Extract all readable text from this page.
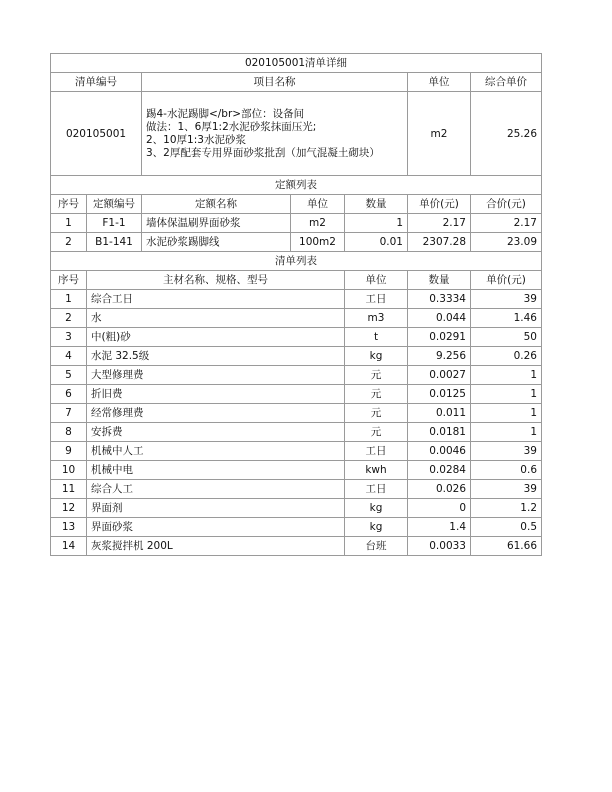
020105001清单详细							
清单编号		项目名称			单位	综合单价	
020105001		踢4-水泥踢脚</br>部位：设备间
做法：1、6厚1:2水泥砂浆抹面压光;
2、10厚1:3水泥砂浆
3、2厚配套专用界面砂浆批刮（加气混凝土砌块）			m2	25.26	
定额列表							
序号	定额编号	定额名称	单位	数量	单价(元)	合价(元)	
1	F1-1	墙体保温刷界面砂浆	m2	1	2.17	2.17	
2	B1-141	水泥砂浆踢脚线	100m2	0.01	2307.28	23.09	
清单列表							
序号	主材名称、规格、型号			单位	数量	单价(元)	
1	综合工日			工日	0.3334	39	
2	水			m3	0.044	1.46	
3	中(粗)砂			t	0.0291	50	
4	水泥 32.5级			kg	9.256	0.26	
5	大型修理费			元	0.0027	1	
6	折旧费			元	0.0125	1	
7	经常修理费			元	0.011	1	
8	安拆费			元	0.0181	1	
9	机械中人工			工日	0.0046	39	
10	机械中电			kwh	0.0284	0.6	
11	综合人工			工日	0.026	39	
12	界面剂			kg	0	1.2	
13	界面砂浆			kg	1.4	0.5	
14	灰浆搅拌机 200L			台班	0.0033	61.66	
